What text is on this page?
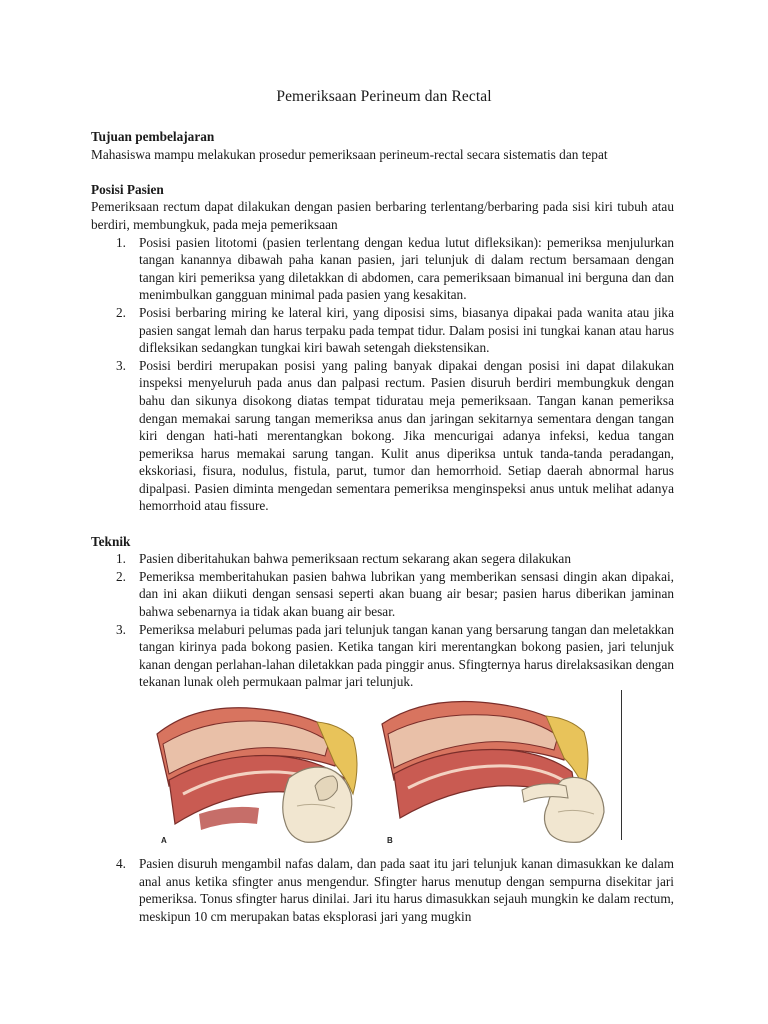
Pemeriksaan Perineum dan Rectal
Tujuan pembelajaran
Mahasiswa mampu melakukan prosedur pemeriksaan perineum-rectal secara sistematis dan tepat
Posisi Pasien
Pemeriksaan rectum dapat dilakukan dengan pasien berbaring terlentang/berbaring pada sisi kiri tubuh atau berdiri, membungkuk, pada meja pemeriksaan
1. Posisi pasien litotomi (pasien terlentang dengan kedua lutut difleksikan): pemeriksa menjulurkan tangan kanannya dibawah paha kanan pasien, jari telunjuk di dalam rectum bersamaan dengan tangan kiri pemeriksa yang diletakkan di abdomen, cara pemeriksaan bimanual ini berguna dan dan menimbulkan gangguan minimal pada pasien yang kesakitan.
2. Posisi berbaring miring ke lateral kiri, yang diposisi sims, biasanya dipakai pada wanita atau jika pasien sangat lemah dan harus terpaku pada tempat tidur. Dalam posisi ini tungkai kanan atau harus difleksikan sedangkan tungkai kiri bawah setengah diekstensikan.
3. Posisi berdiri merupakan posisi yang paling banyak dipakai dengan posisi ini dapat dilakukan inspeksi menyeluruh pada anus dan palpasi rectum. Pasien disuruh berdiri membungkuk dengan bahu dan sikunya disokong diatas tempat tiduratau meja pemeriksaan. Tangan kanan pemeriksa dengan memakai sarung tangan memeriksa anus dan jaringan sekitarnya sementara dengan tangan kiri dengan hati-hati merentangkan bokong. Jika mencurigai adanya infeksi, kedua tangan pemeriksa harus memakai sarung tangan. Kulit anus diperiksa untuk tanda-tanda peradangan, ekskoriasi, fisura, nodulus, fistula, parut, tumor dan hemorrhoid. Setiap daerah abnormal harus dipalpasi. Pasien diminta mengedan sementara pemeriksa menginspeksi anus untuk melihat adanya hemorrhoid atau fissure.
Teknik
1. Pasien diberitahukan bahwa pemeriksaan rectum sekarang akan segera dilakukan
2. Pemeriksa memberitahukan pasien bahwa lubrikan yang memberikan sensasi dingin akan dipakai, dan ini akan diikuti dengan sensasi seperti akan buang air besar; pasien harus diberikan jaminan bahwa sebenarnya ia tidak akan buang air besar.
3. Pemeriksa melaburi pelumas pada jari telunjuk tangan kanan yang bersarung tangan dan meletakkan tangan kirinya pada bokong pasien. Ketika tangan kiri merentangkan bokong pasien, jari telunjuk kanan dengan perlahan-lahan diletakkan pada pinggir anus. Sfingternya harus direlaksasikan dengan tekanan lunak oleh permukaan palmar jari telunjuk.
A	B
4. Pasien disuruh mengambil nafas dalam, dan pada saat itu jari telunjuk kanan dimasukkan ke dalam anal anus ketika sfingter anus mengendur. Sfingter harus menutup dengan sempurna disekitar jari pemeriksa. Tonus sfingter harus dinilai. Jari itu harus dimasukkan sejauh mungkin ke dalam rectum, meskipun 10 cm merupakan batas eksplorasi jari yang mugkin
